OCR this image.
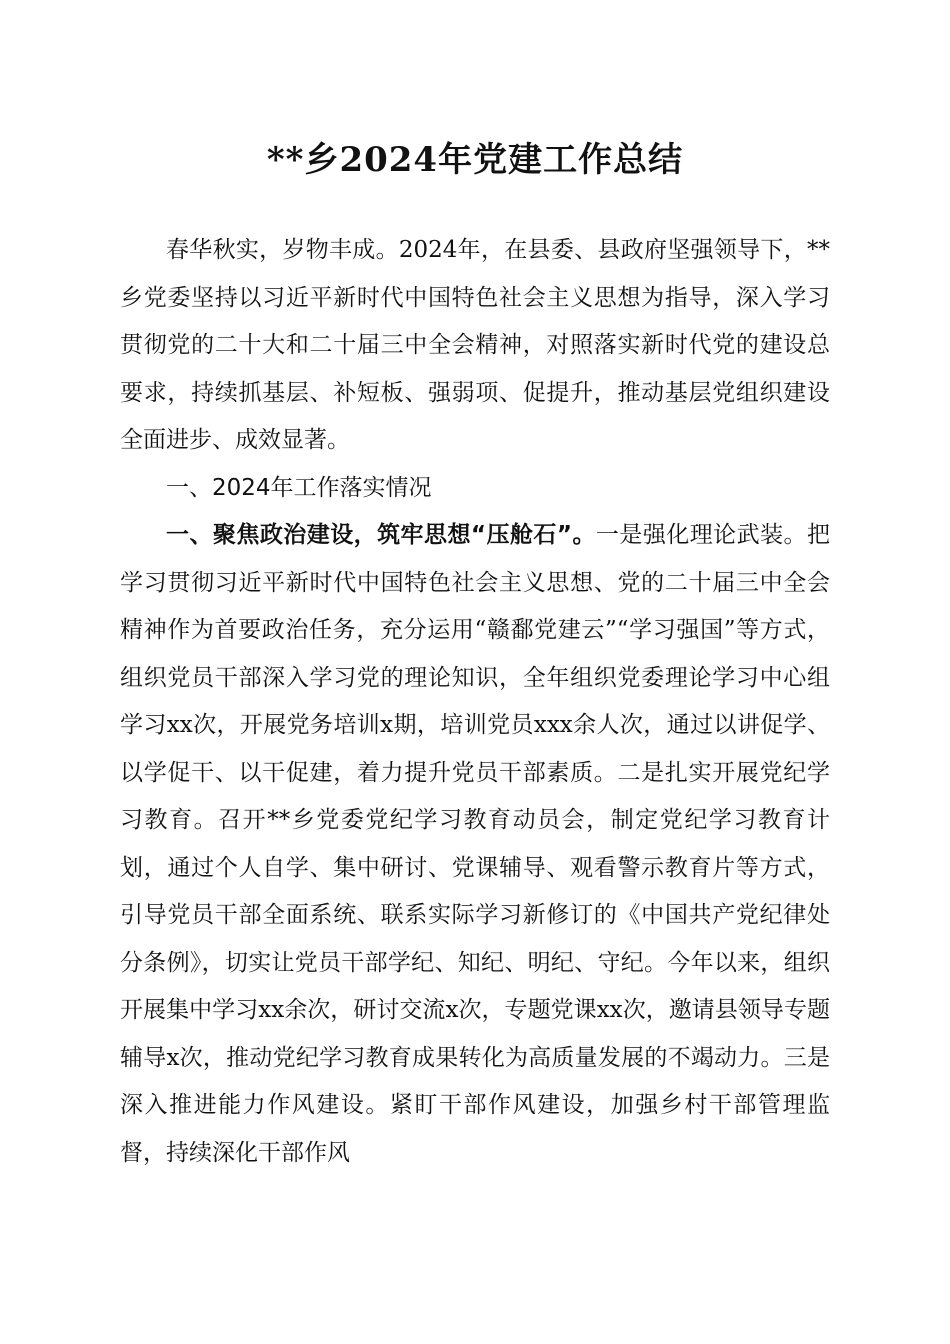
**乡2024年党建工作总结

春华秋实，岁物丰成。2024年，在县委、县政府坚强领导下，**乡党委坚持以习近平新时代中国特色社会主义思想为指导，深入学习贯彻党的二十大和二十届三中全会精神，对照落实新时代党的建设总要求，持续抓基层、补短板、强弱项、促提升，推动基层党组织建设全面进步、成效显著。

一、2024年工作落实情况

一、聚焦政治建设，筑牢思想“压舱石”。一是强化理论武装。把学习贯彻习近平新时代中国特色社会主义思想、党的二十届三中全会精神作为首要政治任务，充分运用“赣鄱党建云”“学习强国”等方式，组织党员干部深入学习党的理论知识，全年组织党委理论学习中心组学习xx次，开展党务培训x期，培训党员xxx余人次，通过以讲促学、以学促干、以干促建，着力提升党员干部素质。二是扎实开展党纪学习教育。召开**乡党委党纪学习教育动员会，制定党纪学习教育计划，通过个人自学、集中研讨、党课辅导、观看警示教育片等方式，引导党员干部全面系统、联系实际学习新修订的《中国共产党纪律处分条例》，切实让党员干部学纪、知纪、明纪、守纪。今年以来，组织开展集中学习xx余次，研讨交流x次，专题党课xx次，邀请县领导专题辅导x次，推动党纪学习教育成果转化为高质量发展的不竭动力。三是深入推进能力作风建设。紧盯干部作风建设，加强乡村干部管理监督，持续深化干部作风
